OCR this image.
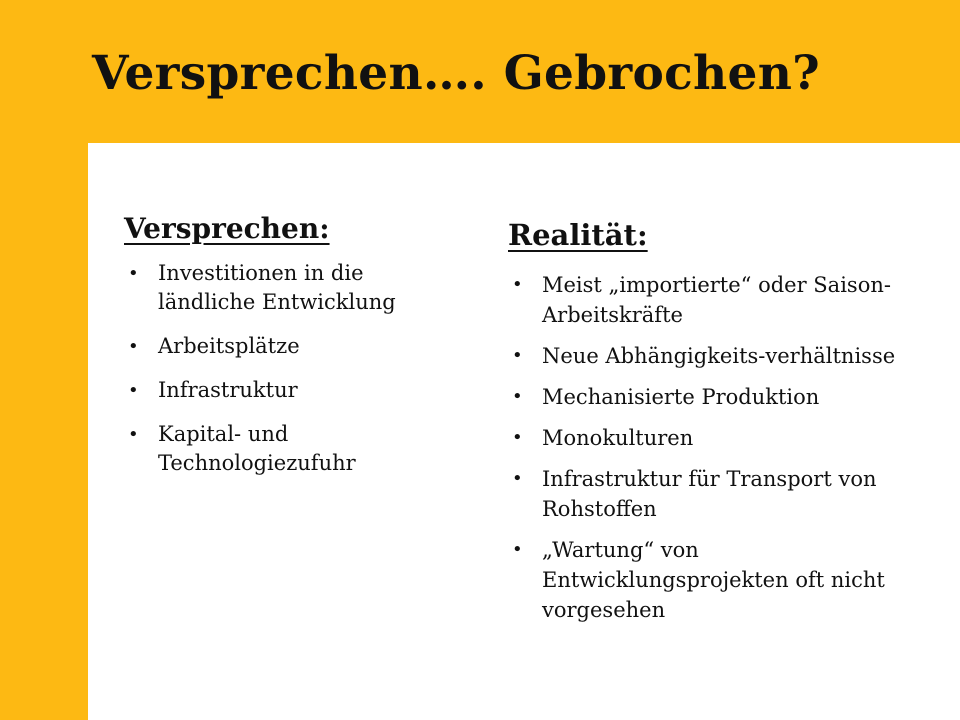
Versprechen…. Gebrochen?
Versprechen:
• Investitionen in die ländliche Entwicklung
• Arbeitsplätze
• Infrastruktur
• Kapital- und Technologiezufuhr
Realität:
• Meist „importierte“ oder Saison-Arbeitskräfte
• Neue Abhängigkeits-verhältnisse
• Mechanisierte Produktion
• Monokulturen
• Infrastruktur für Transport von Rohstoffen
• „Wartung“ von Entwicklungsprojekten oft nicht vorgesehen
